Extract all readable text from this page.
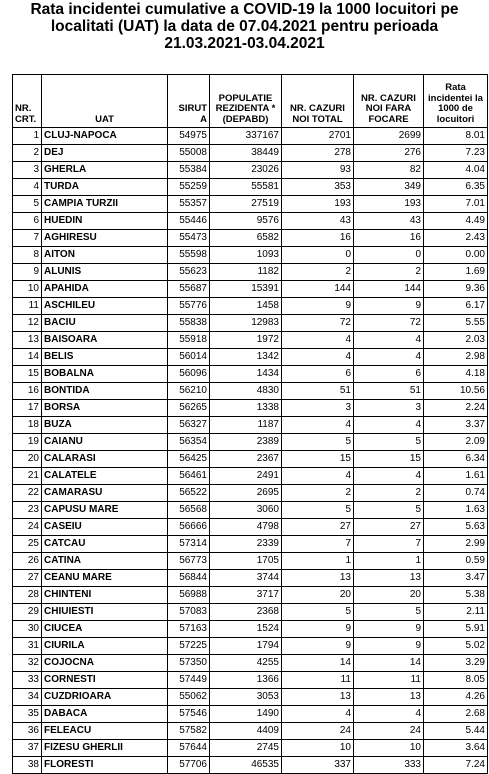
Rata incidentei cumulative a COVID-19 la 1000 locuitori pe
localitati (UAT) la data de 07.04.2021 pentru perioada
21.03.2021-03.04.2021
NR. CRT.	UAT	SIRUT A	POPULATIE REZIDENTA * (DEPABD)	NR. CAZURI NOI TOTAL	NR. CAZURI NOI FARA FOCARE	Rata incidentei la 1000 de locuitori
1	CLUJ-NAPOCA	54975	337167	2701	2699	8.01
2	DEJ	55008	38449	278	276	7.23
3	GHERLA	55384	23026	93	82	4.04
4	TURDA	55259	55581	353	349	6.35
5	CAMPIA TURZII	55357	27519	193	193	7.01
6	HUEDIN	55446	9576	43	43	4.49
7	AGHIRESU	55473	6582	16	16	2.43
8	AITON	55598	1093	0	0	0.00
9	ALUNIS	55623	1182	2	2	1.69
10	APAHIDA	55687	15391	144	144	9.36
11	ASCHILEU	55776	1458	9	9	6.17
12	BACIU	55838	12983	72	72	5.55
13	BAISOARA	55918	1972	4	4	2.03
14	BELIS	56014	1342	4	4	2.98
15	BOBALNA	56096	1434	6	6	4.18
16	BONTIDA	56210	4830	51	51	10.56
17	BORSA	56265	1338	3	3	2.24
18	BUZA	56327	1187	4	4	3.37
19	CAIANU	56354	2389	5	5	2.09
20	CALARASI	56425	2367	15	15	6.34
21	CALATELE	56461	2491	4	4	1.61
22	CAMARASU	56522	2695	2	2	0.74
23	CAPUSU MARE	56568	3060	5	5	1.63
24	CASEIU	56666	4798	27	27	5.63
25	CATCAU	57314	2339	7	7	2.99
26	CATINA	56773	1705	1	1	0.59
27	CEANU MARE	56844	3744	13	13	3.47
28	CHINTENI	56988	3717	20	20	5.38
29	CHIUIESTI	57083	2368	5	5	2.11
30	CIUCEA	57163	1524	9	9	5.91
31	CIURILA	57225	1794	9	9	5.02
32	COJOCNA	57350	4255	14	14	3.29
33	CORNESTI	57449	1366	11	11	8.05
34	CUZDRIOARA	55062	3053	13	13	4.26
35	DABACA	57546	1490	4	4	2.68
36	FELEACU	57582	4409	24	24	5.44
37	FIZESU GHERLII	57644	2745	10	10	3.64
38	FLORESTI	57706	46535	337	333	7.24
